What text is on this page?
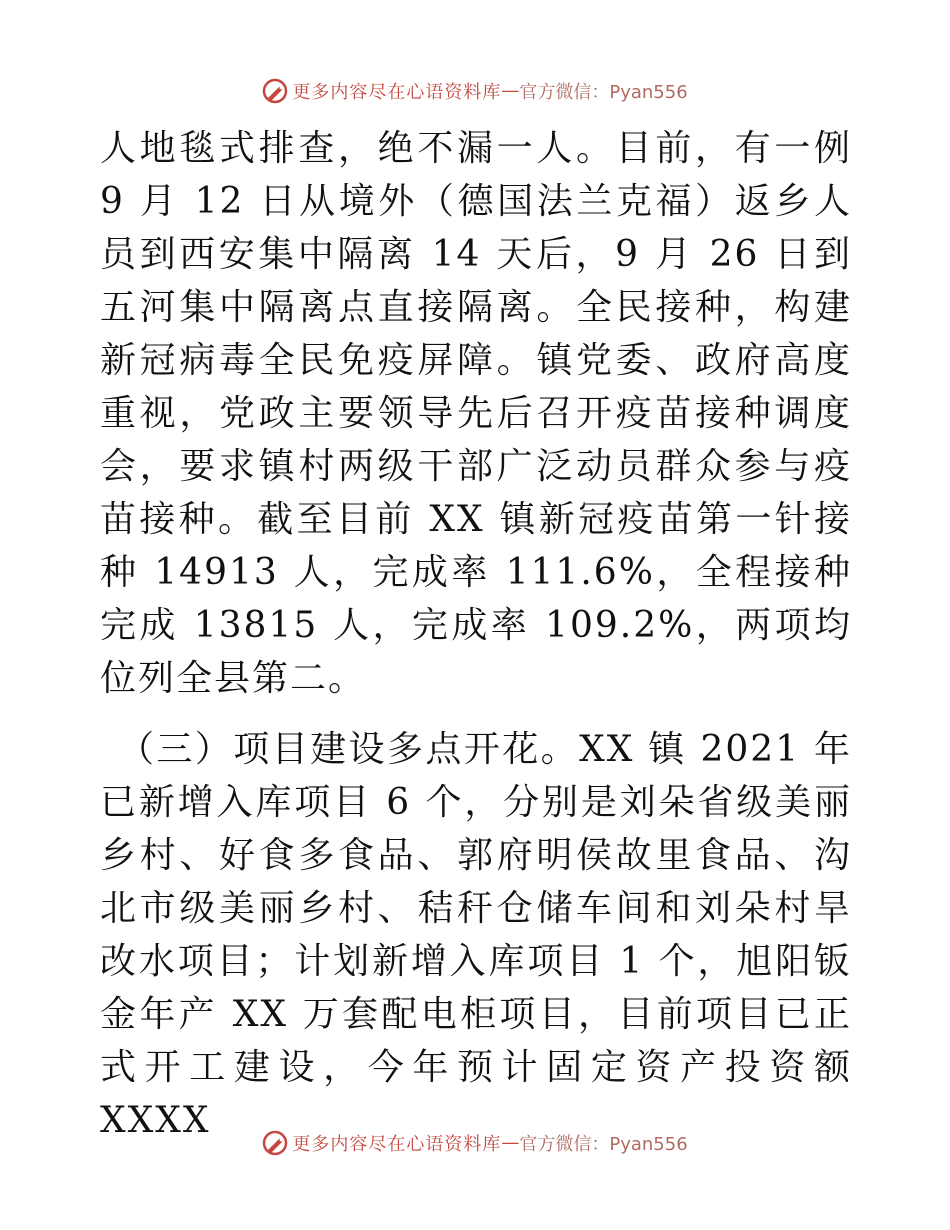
更多内容尽在心语资料库—官方微信：Pyan556

人地毯式排查，绝不漏一人。目前，有一例 9 月 12 日从境外（德国法兰克福）返乡人员到西安集中隔离 14 天后，9 月 26 日到五河集中隔离点直接隔离。全民接种，构建新冠病毒全民免疫屏障。镇党委、政府高度重视，党政主要领导先后召开疫苗接种调度会，要求镇村两级干部广泛动员群众参与疫苗接种。截至目前 XX 镇新冠疫苗第一针接种 14913 人，完成率 111.6%，全程接种完成 13815 人，完成率 109.2%，两项均位列全县第二。

（三）项目建设多点开花。XX 镇 2021 年已新增入库项目 6 个，分别是刘朵省级美丽乡村、好食多食品、郭府明侯故里食品、沟北市级美丽乡村、秸秆仓储车间和刘朵村旱改水项目；计划新增入库项目 1 个，旭阳钣金年产 XX 万套配电柜项目，目前项目已正式开工建设，今年预计固定资产投资额 XXXX

更多内容尽在心语资料库—官方微信：Pyan556
